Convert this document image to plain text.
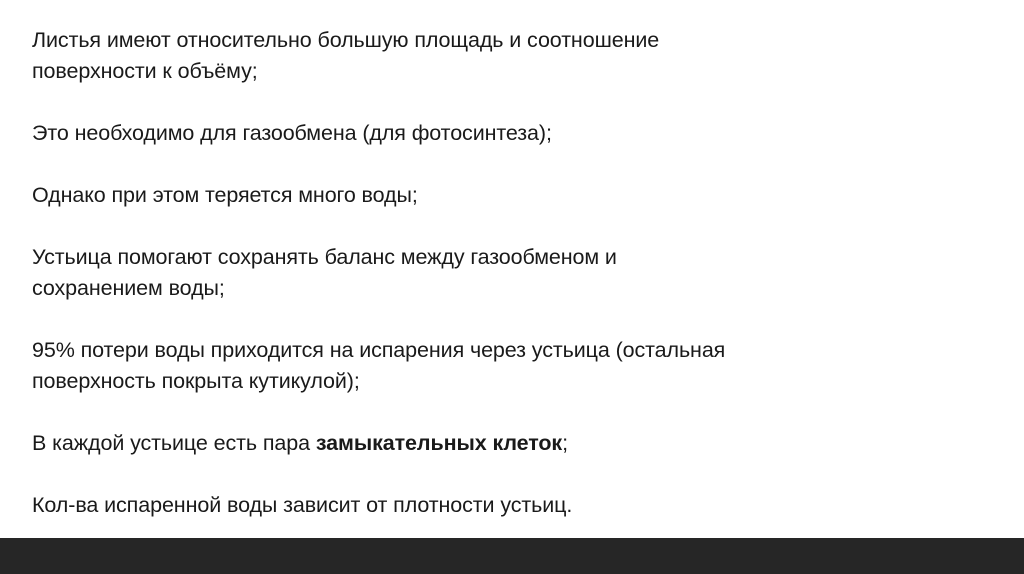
Листья имеют относительно большую площадь и соотношение
поверхности к объёму;

Это необходимо для газообмена (для фотосинтеза);

Однако при этом теряется много воды;

Устьица помогают сохранять баланс между газообменом и
сохранением воды;

95% потери воды приходится на испарения через устьица (остальная
поверхность покрыта кутикулой);

В каждой устьице есть пара замыкательных клеток;

Кол-ва испаренной воды зависит от плотности устьиц.
